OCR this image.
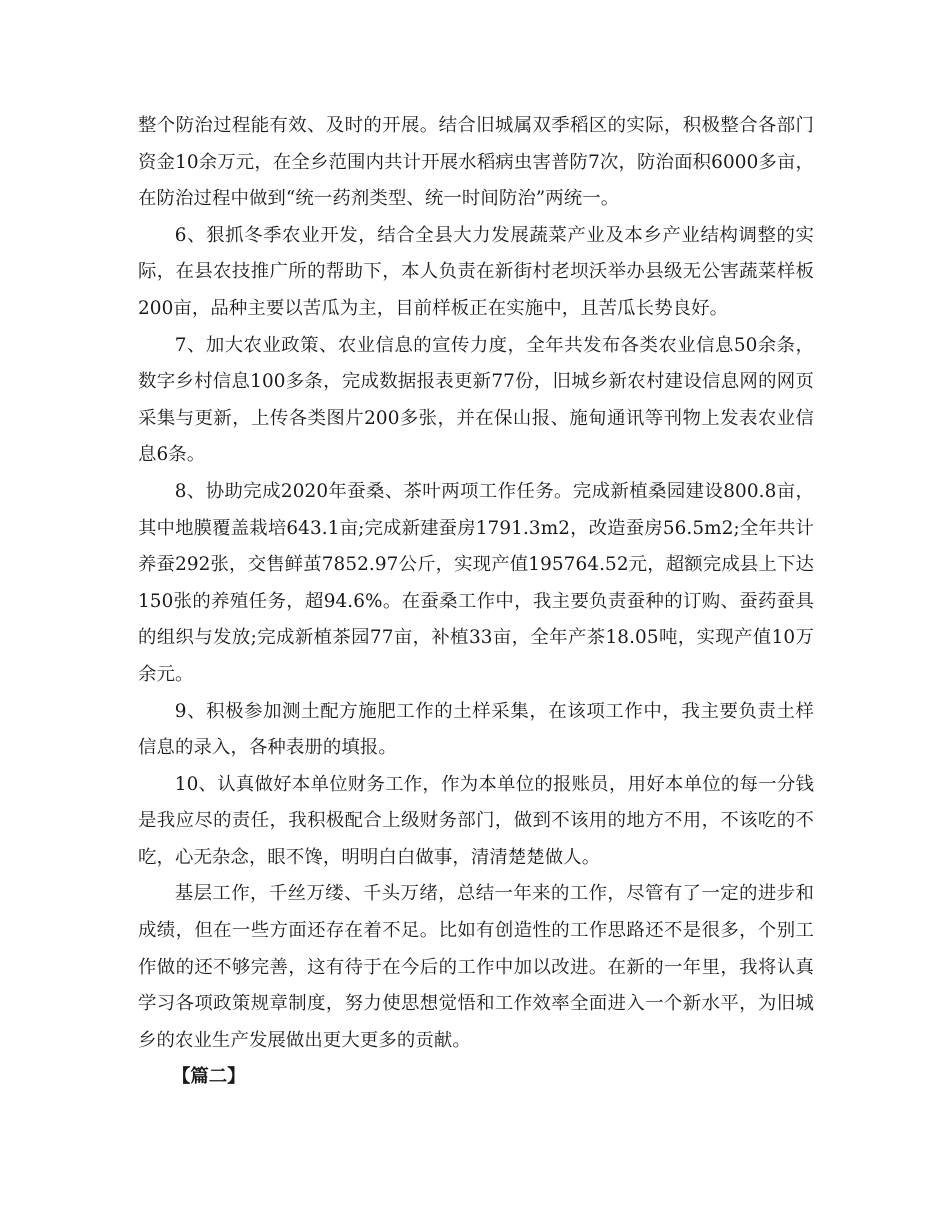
整个防治过程能有效、及时的开展。结合旧城属双季稻区的实际，积极整合各部门资金10余万元，在全乡范围内共计开展水稻病虫害普防7次，防治面积6000多亩，在防治过程中做到“统一药剂类型、统一时间防治”两统一。

6、狠抓冬季农业开发，结合全县大力发展蔬菜产业及本乡产业结构调整的实际，在县农技推广所的帮助下，本人负责在新街村老坝沃举办县级无公害蔬菜样板200亩，品种主要以苦瓜为主，目前样板正在实施中，且苦瓜长势良好。

7、加大农业政策、农业信息的宣传力度，全年共发布各类农业信息50余条，数字乡村信息100多条，完成数据报表更新77份，旧城乡新农村建设信息网的网页采集与更新，上传各类图片200多张，并在保山报、施甸通讯等刊物上发表农业信息6条。

8、协助完成2020年蚕桑、茶叶两项工作任务。完成新植桑园建设800.8亩，其中地膜覆盖栽培643.1亩;完成新建蚕房1791.3m2，改造蚕房56.5m2;全年共计养蚕292张，交售鲜茧7852.97公斤，实现产值195764.52元，超额完成县上下达150张的养殖任务，超94.6%。在蚕桑工作中，我主要负责蚕种的订购、蚕药蚕具的组织与发放;完成新植茶园77亩，补植33亩，全年产茶18.05吨，实现产值10万余元。

9、积极参加测土配方施肥工作的土样采集，在该项工作中，我主要负责土样信息的录入，各种表册的填报。

10、认真做好本单位财务工作，作为本单位的报账员，用好本单位的每一分钱是我应尽的责任，我积极配合上级财务部门，做到不该用的地方不用，不该吃的不吃，心无杂念，眼不馋，明明白白做事，清清楚楚做人。

基层工作，千丝万缕、千头万绪，总结一年来的工作，尽管有了一定的进步和成绩，但在一些方面还存在着不足。比如有创造性的工作思路还不是很多，个别工作做的还不够完善，这有待于在今后的工作中加以改进。在新的一年里，我将认真学习各项政策规章制度，努力使思想觉悟和工作效率全面进入一个新水平，为旧城乡的农业生产发展做出更大更多的贡献。

【篇二】
